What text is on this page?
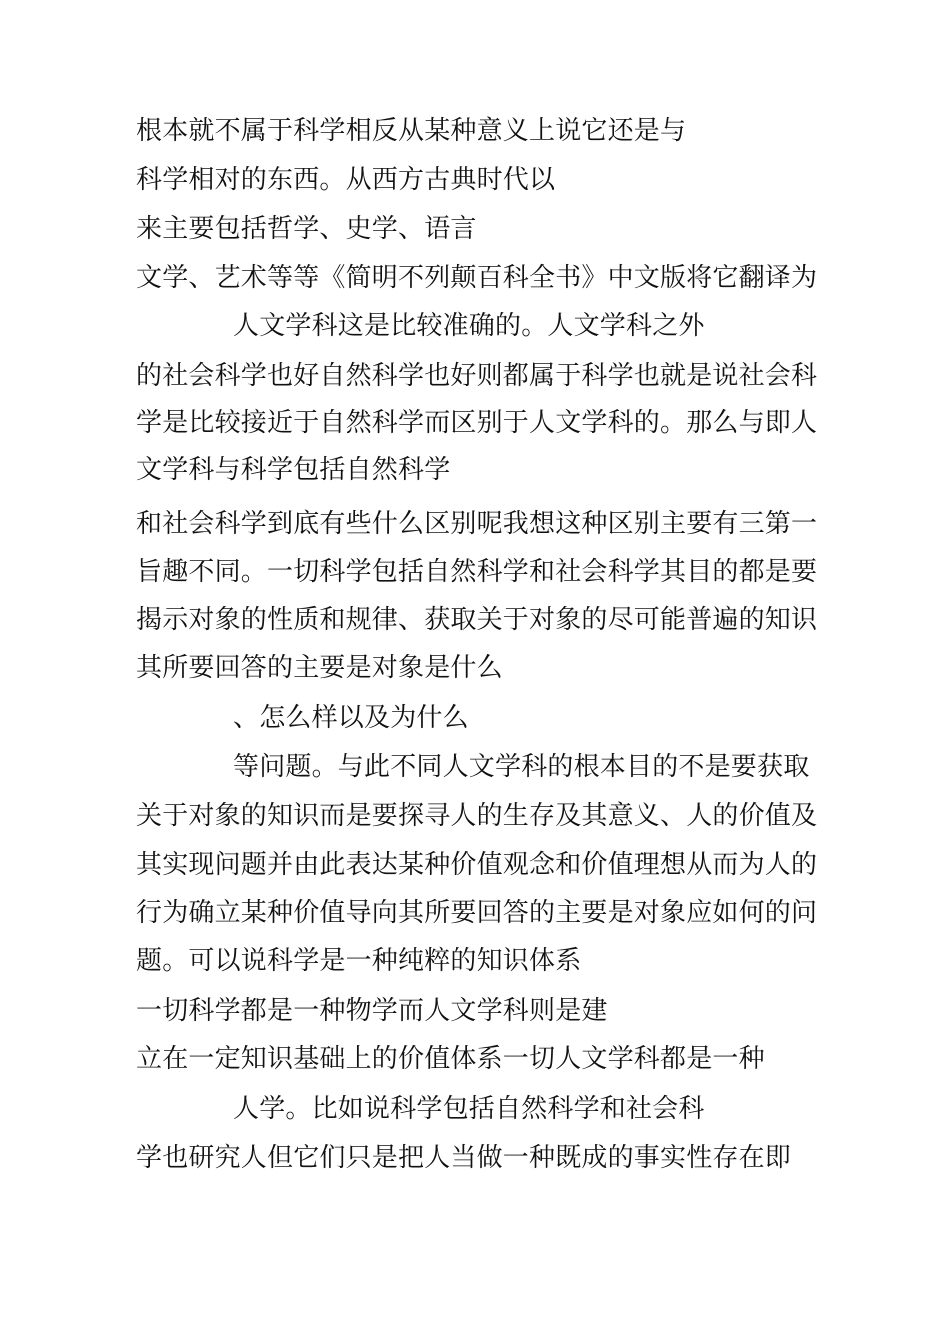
根本就不属于科学相反从某种意义上说它还是与
科学相对的东西。从西方古典时代以
来主要包括哲学、史学、语言
文学、艺术等等《简明不列颠百科全书》中文版将它翻译为
人文学科这是比较准确的。人文学科之外
的社会科学也好自然科学也好则都属于科学也就是说社会科
学是比较接近于自然科学而区别于人文学科的。那么与即人
文学科与科学包括自然科学
和社会科学到底有些什么区别呢我想这种区别主要有三第一
旨趣不同。一切科学包括自然科学和社会科学其目的都是要
揭示对象的性质和规律、获取关于对象的尽可能普遍的知识
其所要回答的主要是对象是什么
、怎么样以及为什么
等问题。与此不同人文学科的根本目的不是要获取
关于对象的知识而是要探寻人的生存及其意义、人的价值及
其实现问题并由此表达某种价值观念和价值理想从而为人的
行为确立某种价值导向其所要回答的主要是对象应如何的问
题。可以说科学是一种纯粹的知识体系
一切科学都是一种物学而人文学科则是建
立在一定知识基础上的价值体系一切人文学科都是一种
人学。比如说科学包括自然科学和社会科
学也研究人但它们只是把人当做一种既成的事实性存在即
